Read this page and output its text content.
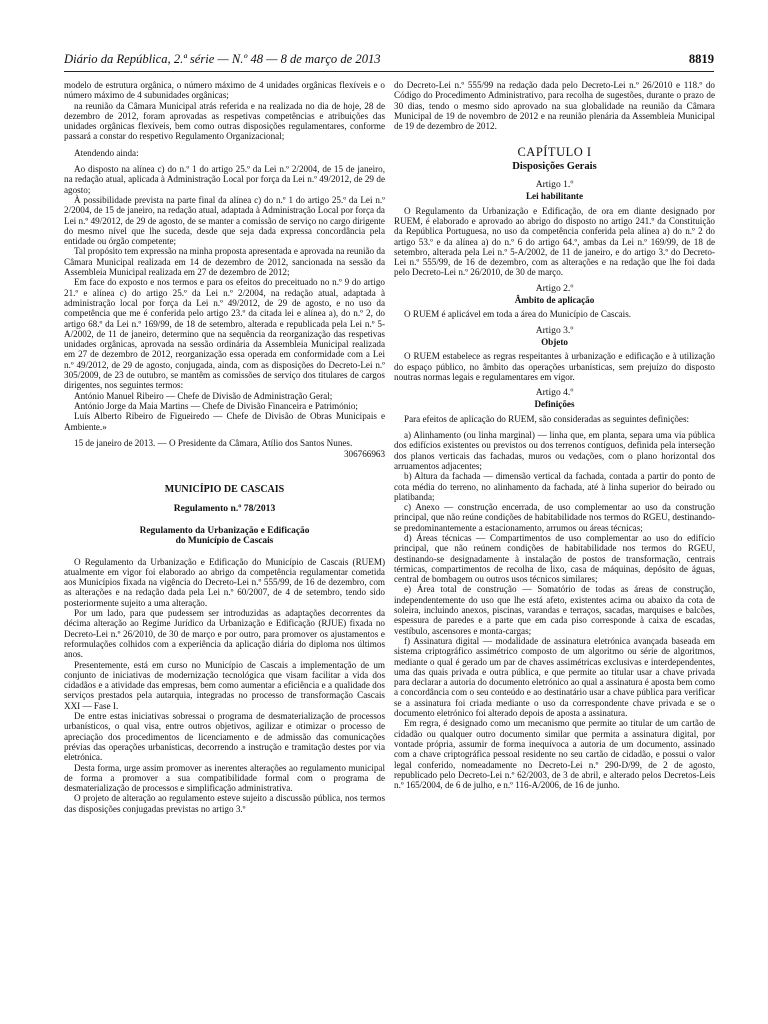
Diário da República, 2.ª série — N.º 48 — 8 de março de 2013	8819

modelo de estrutura orgânica, o número máximo de 4 unidades orgânicas flexíveis e o número máximo de 4 subunidades orgânicas;

na reunião da Câmara Municipal atrás referida e na realizada no dia de hoje, 28 de dezembro de 2012, foram aprovadas as respetivas competências e atribuições das unidades orgânicas flexíveis, bem como outras disposições regulamentares, conforme passará a constar do respetivo Regulamento Organizacional;

Atendendo ainda:

Ao disposto na alínea c) do n.º 1 do artigo 25.º da Lei n.º 2/2004, de 15 de janeiro, na redação atual, aplicada à Administração Local por força da Lei n.º 49/2012, de 29 de agosto;

À possibilidade prevista na parte final da alínea c) do n.º 1 do artigo 25.º da Lei n.º 2/2004, de 15 de janeiro, na redação atual, adaptada à Administração Local por força da Lei n.º 49/2012, de 29 de agosto, de se manter a comissão de serviço no cargo dirigente do mesmo nível que lhe suceda, desde que seja dada expressa concordância pela entidade ou órgão competente;

Tal propósito tem expressão na minha proposta apresentada e aprovada na reunião da Câmara Municipal realizada em 14 de dezembro de 2012, sancionada na sessão da Assembleia Municipal realizada em 27 de dezembro de 2012;

Em face do exposto e nos termos e para os efeitos do preceituado no n.º 9 do artigo 21.º e alínea c) do artigo 25.º da Lei n.º 2/2004, na redação atual, adaptada à administração local por força da Lei n.º 49/2012, de 29 de agosto, e no uso da competência que me é conferida pelo artigo 23.º da citada lei e alínea a), do n.º 2, do artigo 68.º da Lei n.º 169/99, de 18 de setembro, alterada e republicada pela Lei n.º 5-A/2002, de 11 de janeiro, determino que na sequência da reorganização das respetivas unidades orgânicas, aprovada na sessão ordinária da Assembleia Municipal realizada em 27 de dezembro de 2012, reorganização essa operada em conformidade com a Lei n.º 49/2012, de 29 de agosto, conjugada, ainda, com as disposições do Decreto-Lei n.º 305/2009, de 23 de outubro, se mantêm as comissões de serviço dos titulares de cargos dirigentes, nos seguintes termos:

António Manuel Ribeiro — Chefe de Divisão de Administração Geral;

António Jorge da Maia Martins — Chefe de Divisão Financeira e Património;

Luís Alberto Ribeiro de Figueiredo — Chefe de Divisão de Obras Municipais e Ambiente.»

15 de janeiro de 2013. — O Presidente da Câmara, Atílio dos Santos Nunes.

306766963

MUNICÍPIO DE CASCAIS

Regulamento n.º 78/2013

Regulamento da Urbanização e Edificação
do Município de Cascais

O Regulamento da Urbanização e Edificação do Município de Cascais (RUEM) atualmente em vigor foi elaborado ao abrigo da competência regulamentar cometida aos Municípios fixada na vigência do Decreto-Lei n.º 555/99, de 16 de dezembro, com as alterações e na redação dada pela Lei n.º 60/2007, de 4 de setembro, tendo sido posteriormente sujeito a uma alteração.

Por um lado, para que pudessem ser introduzidas as adaptações decorrentes da décima alteração ao Regime Jurídico da Urbanização e Edificação (RJUE) fixada no Decreto-Lei n.º 26/2010, de 30 de março e por outro, para promover os ajustamentos e reformulações colhidos com a experiência da aplicação diária do diploma nos últimos anos.

Presentemente, está em curso no Município de Cascais a implementação de um conjunto de iniciativas de modernização tecnológica que visam facilitar a vida dos cidadãos e a atividade das empresas, bem como aumentar a eficiência e a qualidade dos serviços prestados pela autarquia, integradas no processo de transformação Cascais XXI — Fase I.

De entre estas iniciativas sobressai o programa de desmaterialização de processos urbanísticos, o qual visa, entre outros objetivos, agilizar e otimizar o processo de apreciação dos procedimentos de licenciamento e de admissão das comunicações prévias das operações urbanísticas, decorrendo a instrução e tramitação destes por via eletrónica.

Desta forma, urge assim promover as inerentes alterações ao regulamento municipal de forma a promover a sua compatibilidade formal com o programa de desmaterialização de processos e simplificação administrativa.

O projeto de alteração ao regulamento esteve sujeito a discussão pública, nos termos das disposições conjugadas previstas no artigo 3.º

do Decreto-Lei n.º 555/99 na redação dada pelo Decreto-Lei n.º 26/2010 e 118.º do Código do Procedimento Administrativo, para recolha de sugestões, durante o prazo de 30 dias, tendo o mesmo sido aprovado na sua globalidade na reunião da Câmara Municipal de 19 de novembro de 2012 e na reunião plenária da Assembleia Municipal de 19 de dezembro de 2012.

CAPÍTULO I

Disposições Gerais

Artigo 1.º

Lei habilitante

O Regulamento da Urbanização e Edificação, de ora em diante designado por RUEM, é elaborado e aprovado ao abrigo do disposto no artigo 241.º da Constituição da República Portuguesa, no uso da competência conferida pela alínea a) do n.º 2 do artigo 53.º e da alínea a) do n.º 6 do artigo 64.º, ambas da Lei n.º 169/99, de 18 de setembro, alterada pela Lei n.º 5-A/2002, de 11 de janeiro, e do artigo 3.º do Decreto-Lei n.º 555/99, de 16 de dezembro, com as alterações e na redação que lhe foi dada pelo Decreto-Lei n.º 26/2010, de 30 de março.

Artigo 2.º

Âmbito de aplicação

O RUEM é aplicável em toda a área do Município de Cascais.

Artigo 3.º

Objeto

O RUEM estabelece as regras respeitantes à urbanização e edificação e à utilização do espaço público, no âmbito das operações urbanísticas, sem prejuízo do disposto noutras normas legais e regulamentares em vigor.

Artigo 4.º

Definições

Para efeitos de aplicação do RUEM, são consideradas as seguintes definições:

a) Alinhamento (ou linha marginal) — linha que, em planta, separa uma via pública dos edifícios existentes ou previstos ou dos terrenos contíguos, definida pela interseção dos planos verticais das fachadas, muros ou vedações, com o plano horizontal dos arruamentos adjacentes;

b) Altura da fachada — dimensão vertical da fachada, contada a partir do ponto de cota média do terreno, no alinhamento da fachada, até à linha superior do beirado ou platibanda;

c) Anexo — construção encerrada, de uso complementar ao uso da construção principal, que não reúne condições de habitabilidade nos termos do RGEU, destinando-se predominantemente a estacionamento, arrumos ou áreas técnicas;

d) Áreas técnicas — Compartimentos de uso complementar ao uso do edifício principal, que não reúnem condições de habitabilidade nos termos do RGEU, destinando-se designadamente à instalação de postos de transformação, centrais térmicas, compartimentos de recolha de lixo, casa de máquinas, depósito de águas, central de bombagem ou outros usos técnicos similares;

e) Área total de construção — Somatório de todas as áreas de construção, independentemente do uso que lhe está afeto, existentes acima ou abaixo da cota de soleira, incluindo anexos, piscinas, varandas e terraços, sacadas, marquises e balcões, espessura de paredes e a parte que em cada piso corresponde à caixa de escadas, vestíbulo, ascensores e monta-cargas;

f) Assinatura digital — modalidade de assinatura eletrónica avançada baseada em sistema criptográfico assimétrico composto de um algoritmo ou série de algoritmos, mediante o qual é gerado um par de chaves assimétricas exclusivas e interdependentes, uma das quais privada e outra pública, e que permite ao titular usar a chave privada para declarar a autoria do documento eletrónico ao qual a assinatura é aposta bem como a concordância com o seu conteúdo e ao destinatário usar a chave pública para verificar se a assinatura foi criada mediante o uso da correspondente chave privada e se o documento eletrónico foi alterado depois de aposta a assinatura.

Em regra, é designado como um mecanismo que permite ao titular de um cartão de cidadão ou qualquer outro documento similar que permita a assinatura digital, por vontade própria, assumir de forma inequívoca a autoria de um documento, assinado com a chave criptográfica pessoal residente no seu cartão de cidadão, e possui o valor legal conferido, nomeadamente no Decreto-Lei n.º 290-D/99, de 2 de agosto, republicado pelo Decreto-Lei n.º 62/2003, de 3 de abril, e alterado pelos Decretos-Leis n.º 165/2004, de 6 de julho, e n.º 116-A/2006, de 16 de junho.
